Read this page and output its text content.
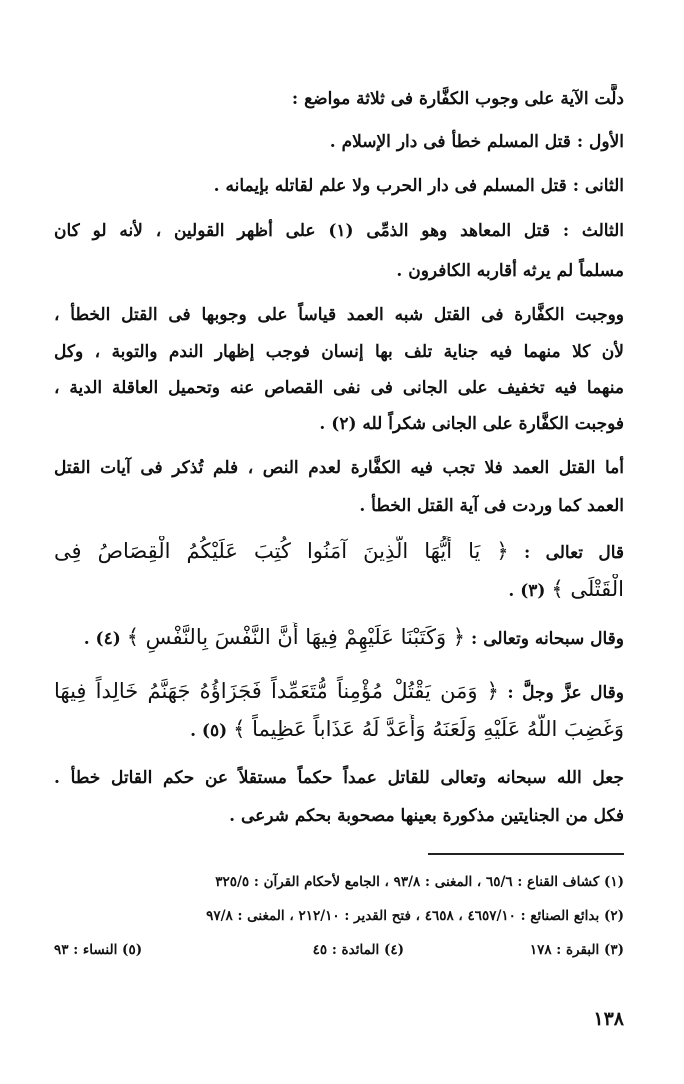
دلَّت الآية على وجوب الكفَّارة فى ثلاثة مواضع :
الأول : قتل المسلم خطأ فى دار الإسلام .
الثانى : قتل المسلم فى دار الحرب ولا علم لقاتله بإيمانه .
الثالث : قتل المعاهد وهو الذمِّى (١) على أظهر القولين ، لأنه لو كان
مسلماً لم يرثه أقاربه الكافرون .
ووجبت الكفَّارة فى القتل شبه العمد قياساً على وجوبها فى القتل الخطأ ،
لأن كلا منهما فيه جناية تلف بها إنسان فوجب إظهار الندم والتوبة ، وكل
منهما فيه تخفيف على الجانى فى نفى القصاص عنه وتحميل العاقلة الدية ،
فوجبت الكفَّارة على الجانى شكراً لله (٢) .
أما القتل العمد فلا تجب فيه الكفَّارة لعدم النص ، فلم تُذكر فى آيات القتل
العمد كما وردت فى آية القتل الخطأ .
قال تعالى : ﴿ يَا أَيُّهَا الَّذِينَ آمَنُوا كُتِبَ عَلَيْكُمُ الْقِصَاصُ فِى
الْقَتْلَى ﴾ (٣) .
وقال سبحانه وتعالى : ﴿ وَكَتَبْنَا عَلَيْهِمْ فِيهَا أَنَّ النَّفْسَ بِالنَّفْسِ ﴾ (٤) .
وقال عزَّ وجلَّ : ﴿ وَمَن يَقْتُلْ مُؤْمِناً مُّتَعَمِّداً فَجَزَاؤُهُ جَهَنَّمُ خَالِداً فِيهَا
وَغَضِبَ اللَّهُ عَلَيْهِ وَلَعَنَهُ وَأَعَدَّ لَهُ عَذَاباً عَظِيماً ﴾ (٥) .
جعل الله سبحانه وتعالى للقاتل عمداً حكماً مستقلاً عن حكم القاتل خطأ .
فكل من الجنايتين مذكورة بعينها مصحوبة بحكم شرعى .
(١) كشاف القناع : ٦٥/٦ ، المغنى : ٩٣/٨ ، الجامع لأحكام القرآن : ٣٢٥/٥
(٢) بدائع الصنائع : ٤٦٥٧/١٠ ، ٤٦٥٨ ، فتح القدير : ٢١٢/١٠ ، المغنى : ٩٧/٨
(٣) البقرة : ١٧٨
(٤) المائدة : ٤٥
(٥) النساء : ٩٣
١٣٨
